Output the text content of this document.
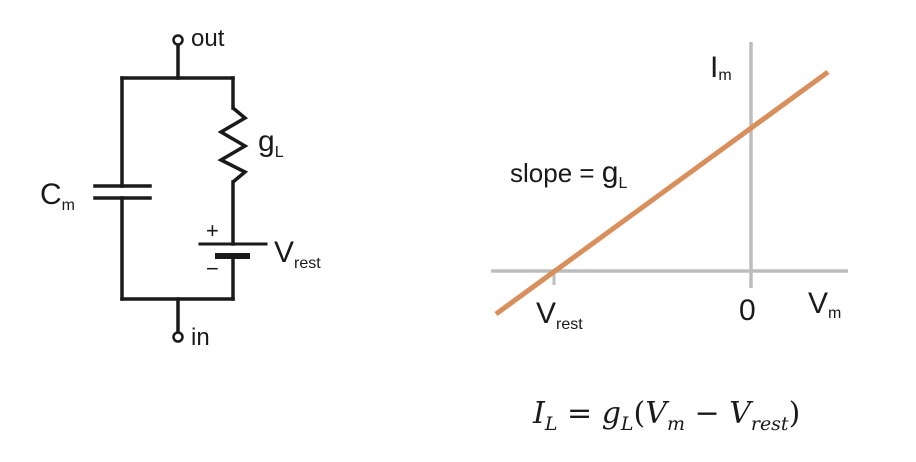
out
in
$C_m$
$g_L$
+
− $V_{rest}$
Im
Vm
0
$V_{rest}$
slope = $g_L$
$I_L = g_L(V_m - V_{rest})$
